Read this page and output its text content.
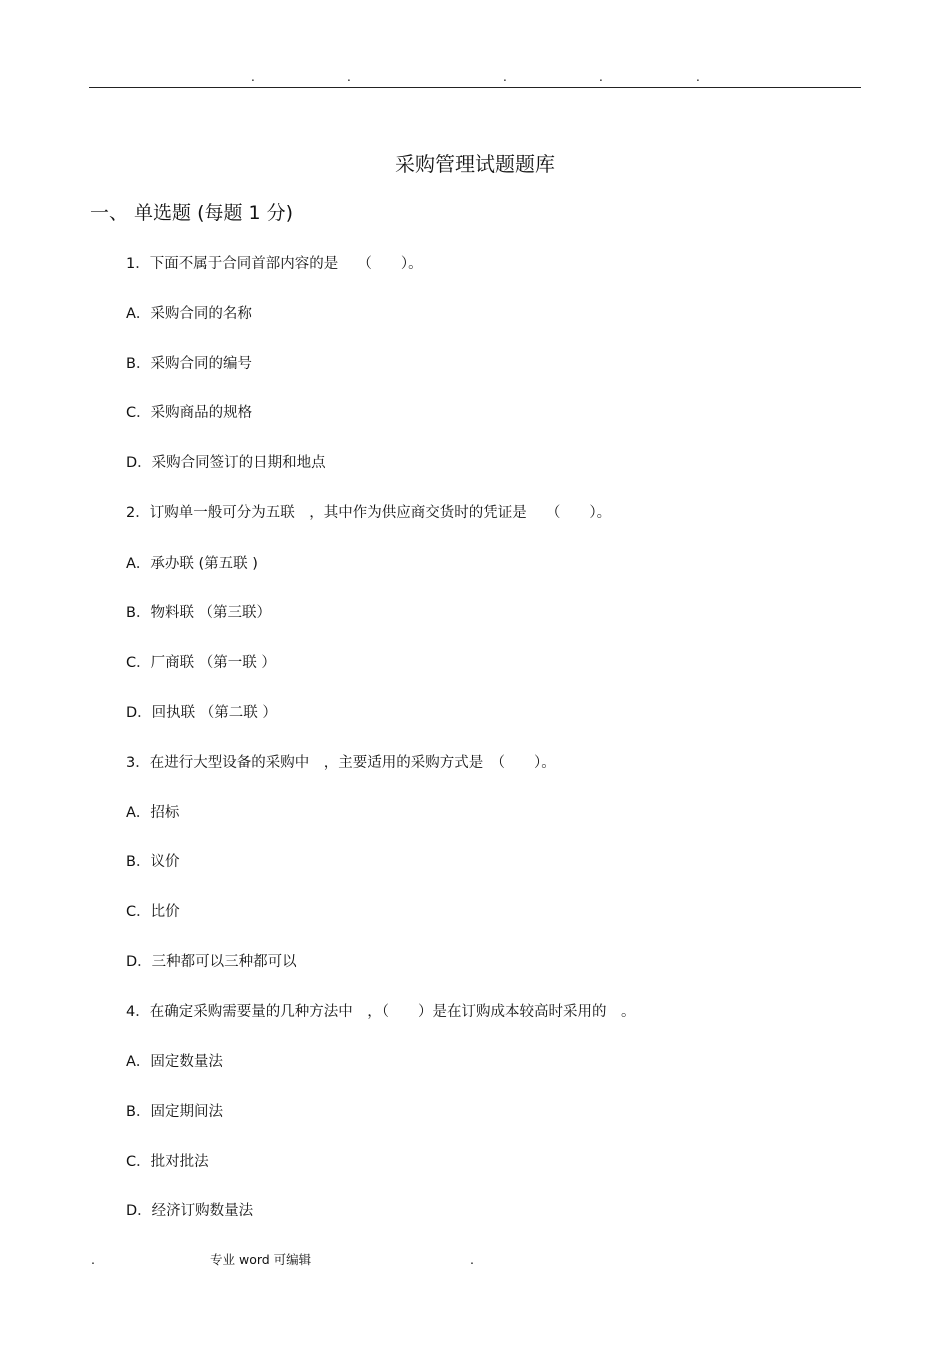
.	.	.	.	.
采购管理试题题库
一、 单选题 (每题 1 分)
1．下面不属于合同首部内容的是　 （　　）。
A．采购合同的名称
B．采购合同的编号
C．采购商品的规格
D．采购合同签订的日期和地点
2．订购单一般可分为五联　，其中作为供应商交货时的凭证是　 （　　）。
A．承办联 (第五联 )
B．物料联 （第三联）
C．厂商联 （第一联 ）
D．回执联 （第二联 ）
3．在进行大型设备的采购中　，主要适用的采购方式是　（　　）。
A．招标
B．议价
C．比价
D．三种都可以三种都可以
4．在确定采购需要量的几种方法中　，（　　）是在订购成本较高时采用的　。
A．固定数量法
B．固定期间法
C．批对批法
D．经济订购数量法
.	专业 word 可编辑	.
